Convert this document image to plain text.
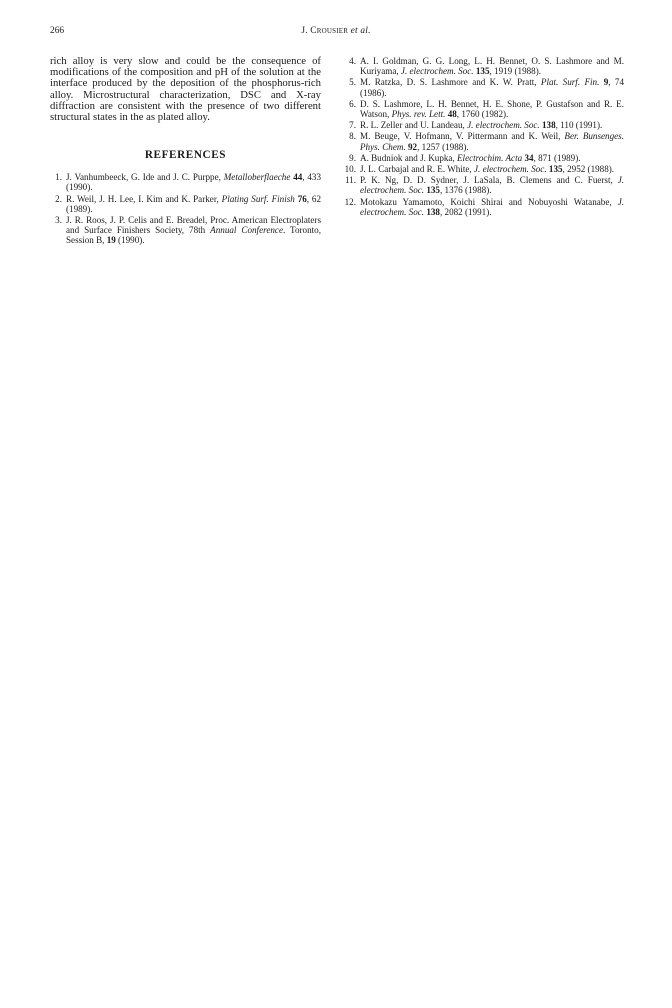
266	J. Crousier et al.

rich alloy is very slow and could be the consequence of modifications of the composition and pH of the solution at the interface produced by the deposition of the phosphorus-rich alloy. Microstructural characterization, DSC and X-ray diffraction are consistent with the presence of two different structural states in the as plated alloy.

REFERENCES
1. J. Vanhumbeeck, G. Ide and J. C. Purppe, Metalloberflaeche 44, 433 (1990).
2. R. Weil, J. H. Lee, I. Kim and K. Parker, Plating Surf. Finish 76, 62 (1989).
3. J. R. Roos, J. P. Celis and E. Breadel, Proc. American Electroplaters and Surface Finishers Society, 78th Annual Conference. Toronto, Session B, 19 (1990).
4. A. I. Goldman, G. G. Long, L. H. Bennet, O. S. Lashmore and M. Kuriyama, J. electrochem. Soc. 135, 1919 (1988).
5. M. Ratzka, D. S. Lashmore and K. W. Pratt, Plat. Surf. Fin. 9, 74 (1986).
6. D. S. Lashmore, L. H. Bennet, H. E. Shone, P. Gustafson and R. E. Watson, Phys. rev. Lett. 48, 1760 (1982).
7. R. L. Zeller and U. Landeau, J. electrochem. Soc. 138, 110 (1991).
8. M. Beuge, V. Hofmann, V. Pittermann and K. Weil, Ber. Bunsenges. Phys. Chem. 92, 1257 (1988).
9. A. Budniok and J. Kupka, Electrochim. Acta 34, 871 (1989).
10. J. L. Carbajal and R. E. White, J. electrochem. Soc. 135, 2952 (1988).
11. P. K. Ng, D. D. Sydner, J. LaSala, B. Clemens and C. Fuerst, J. electrochem. Soc. 135, 1376 (1988).
12. Motokazu Yamamoto, Koichi Shirai and Nobuyoshi Watanabe, J. electrochem. Soc. 138, 2082 (1991).
